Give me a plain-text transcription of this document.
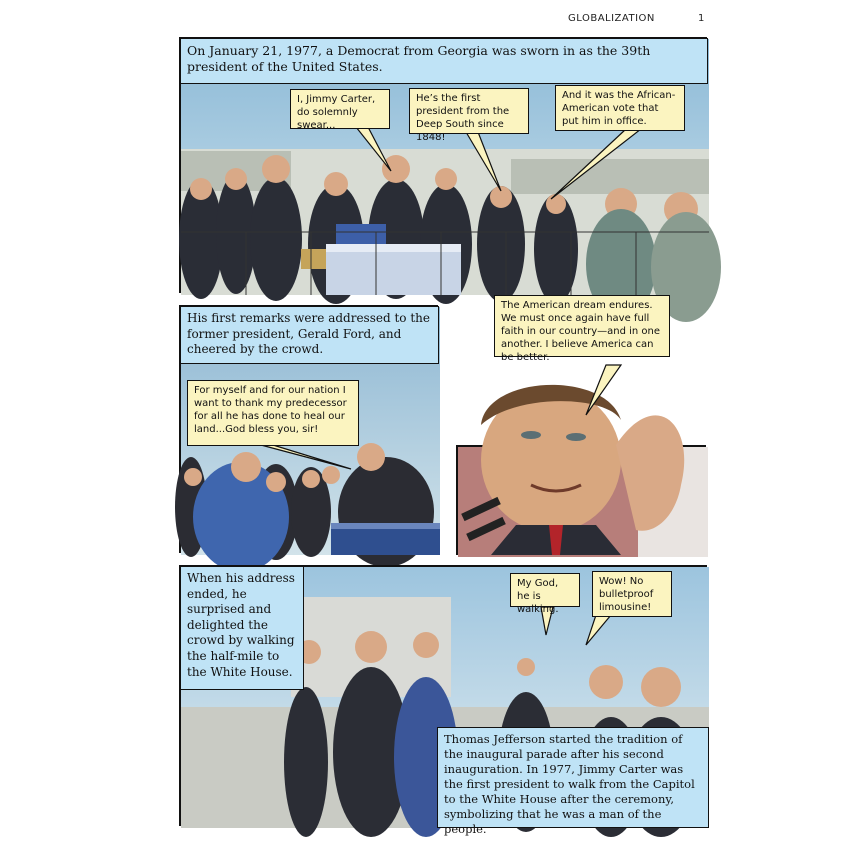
GLOBALIZATION	1
On January 21, 1977, a Democrat from Georgia was sworn in as the 39th president of the United States.
I, Jimmy Carter, do solemnly swear...
He’s the first president from the Deep South since 1848!
And it was the African-American vote that put him in office.
His first remarks were addressed to the former president, Gerald Ford, and cheered by the crowd.
For myself and for our nation I want to thank my predecessor for all he has done to heal our land...God bless you, sir!
The American dream endures. We must once again have full faith in our country—and in one another. I believe America can be better.
When his address ended, he surprised and delighted the crowd by walking the half-mile to the White House.
My God, he is walking.
Wow! No bulletproof limousine!
Thomas Jefferson started the tradition of the inaugural parade after his second inauguration. In 1977, Jimmy Carter was the first president to walk from the Capitol to the White House after the ceremony, symbolizing that he was a man of the people.
